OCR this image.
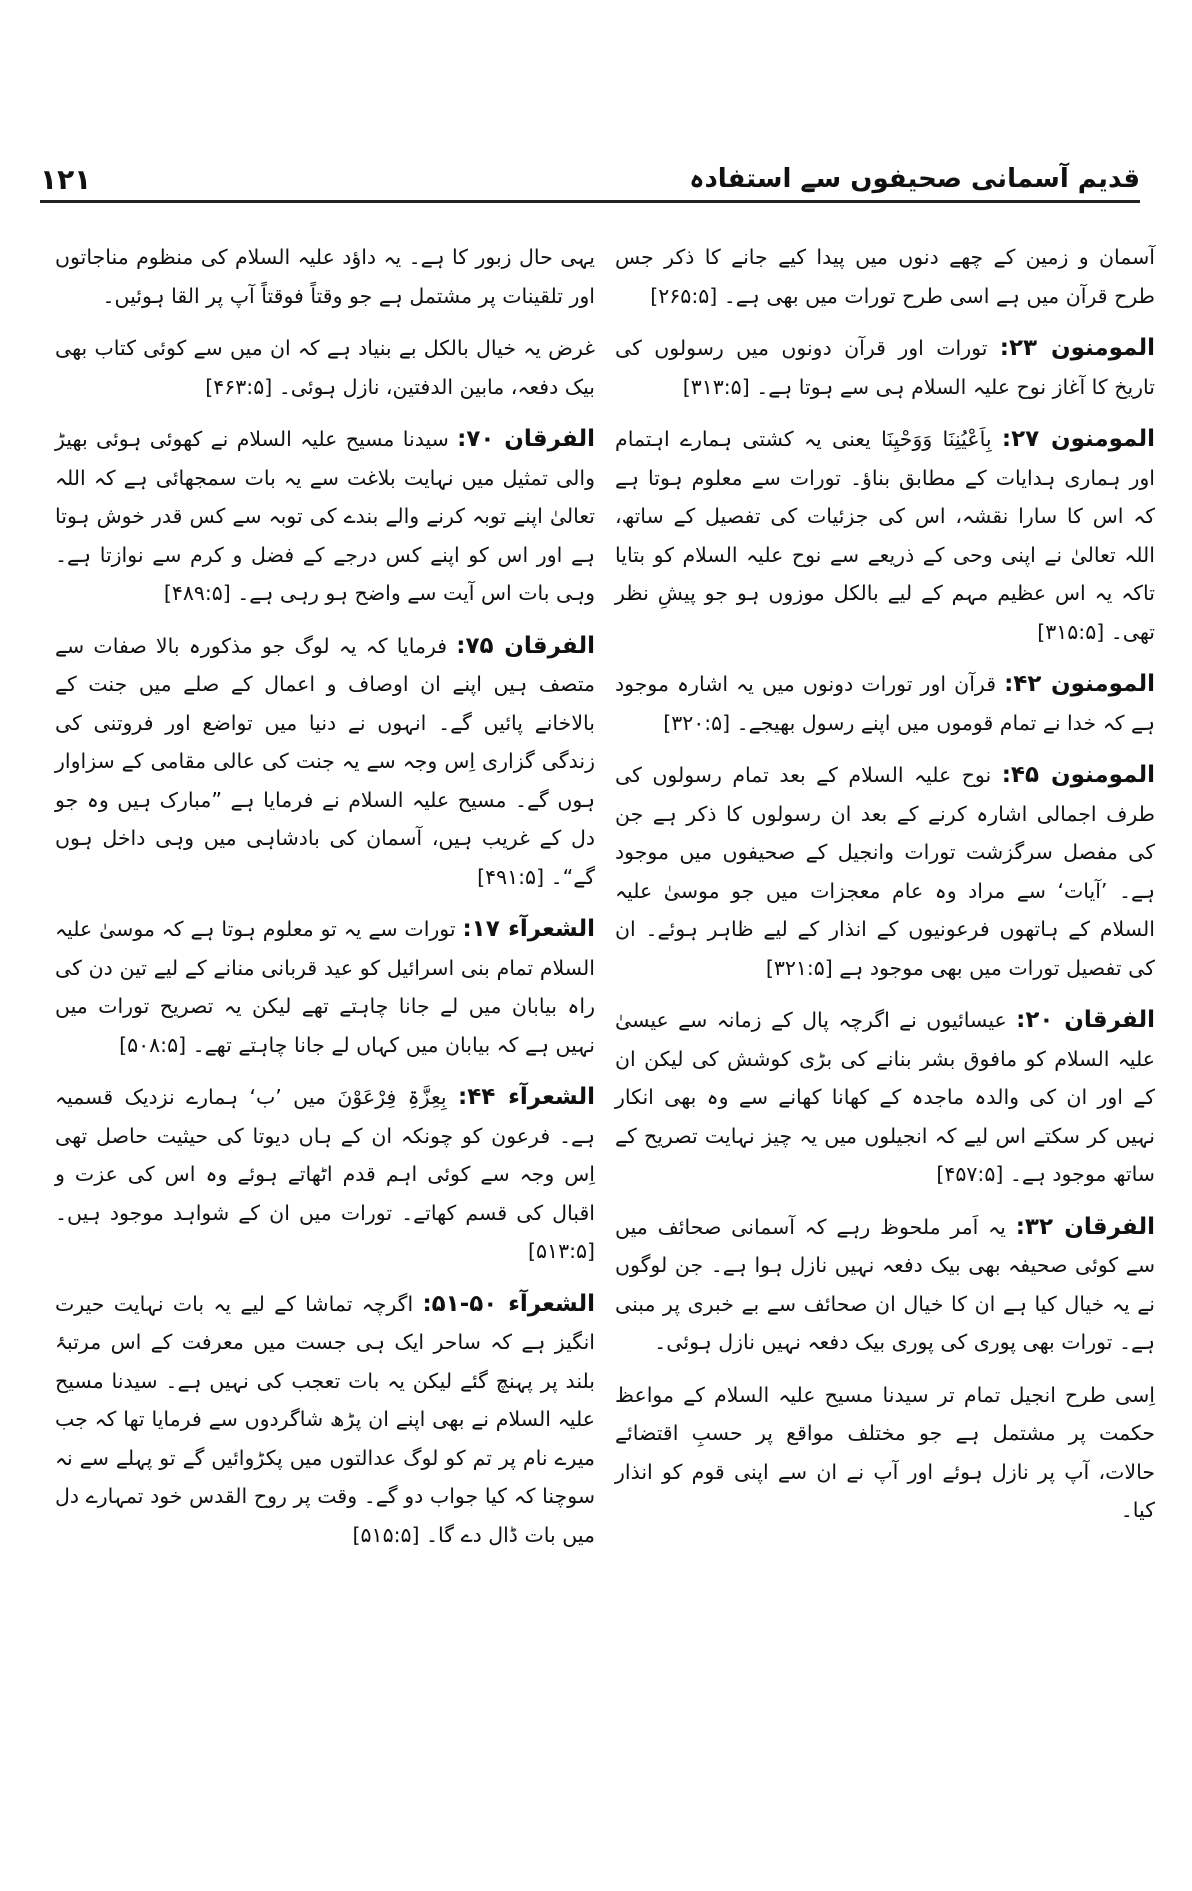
۱۲۱	قدیم آسمانی صحیفوں سے استفادہ

آسمان و زمین کے چھے دنوں میں پیدا کیے جانے کا ذکر جس طرح قرآن میں ہے اسی طرح تورات میں بھی ہے۔ [۲۶۵:۵]

المومنون ۲۳: تورات اور قرآن دونوں میں رسولوں کی تاریخ کا آغاز نوح علیہ السلام ہی سے ہوتا ہے۔ [۳۱۳:۵]

المومنون ۲۷: بِاَعْیُنِنَا وَوَحْیِنَا یعنی یہ کشتی ہمارے اہتمام اور ہماری ہدایات کے مطابق بناؤ۔ تورات سے معلوم ہوتا ہے کہ اس کا سارا نقشہ، اس کی جزئیات کی تفصیل کے ساتھ، اللہ تعالیٰ نے اپنی وحی کے ذریعے سے نوح علیہ السلام کو بتایا تاکہ یہ اس عظیم مہم کے لیے بالکل موزوں ہو جو پیشِ نظر تھی۔ [۳۱۵:۵]

المومنون ۴۲: قرآن اور تورات دونوں میں یہ اشارہ موجود ہے کہ خدا نے تمام قوموں میں اپنے رسول بھیجے۔ [۳۲۰:۵]

المومنون ۴۵: نوح علیہ السلام کے بعد تمام رسولوں کی طرف اجمالی اشارہ کرنے کے بعد ان رسولوں کا ذکر ہے جن کی مفصل سرگزشت تورات وانجیل کے صحیفوں میں موجود ہے۔ ’آیات‘ سے مراد وہ عام معجزات میں جو موسیٰ علیہ السلام کے ہاتھوں فرعونیوں کے انذار کے لیے ظاہر ہوئے۔ ان کی تفصیل تورات میں بھی موجود ہے [۳۲۱:۵]

الفرقان ۲۰: عیسائیوں نے اگرچہ پال کے زمانہ سے عیسیٰ علیہ السلام کو مافوق بشر بنانے کی بڑی کوشش کی لیکن ان کے اور ان کی والدہ ماجدہ کے کھانا کھانے سے وہ بھی انکار نہیں کر سکتے اس لیے کہ انجیلوں میں یہ چیز نہایت تصریح کے ساتھ موجود ہے۔ [۴۵۷:۵]

الفرقان ۳۲: یہ اَمر ملحوظ رہے کہ آسمانی صحائف میں سے کوئی صحیفہ بھی بیک دفعہ نہیں نازل ہوا ہے۔ جن لوگوں نے یہ خیال کیا ہے ان کا خیال ان صحائف سے بے خبری پر مبنی ہے۔ تورات بھی پوری کی پوری بیک دفعہ نہیں نازل ہوئی۔

اِسی طرح انجیل تمام تر سیدنا مسیح علیہ السلام کے مواعظ حکمت پر مشتمل ہے جو مختلف مواقع پر حسبِ اقتضائے حالات، آپ پر نازل ہوئے اور آپ نے ان سے اپنی قوم کو انذار کیا۔

یہی حال زبور کا ہے۔ یہ داؤد علیہ السلام کی منظوم مناجاتوں اور تلقینات پر مشتمل ہے جو وقتاً فوقتاً آپ پر القا ہوئیں۔

غرض یہ خیال بالکل بے بنیاد ہے کہ ان میں سے کوئی کتاب بھی بیک دفعہ، مابین الدفتین، نازل ہوئی۔ [۴۶۳:۵]

الفرقان ۷۰: سیدنا مسیح علیہ السلام نے کھوئی ہوئی بھیڑ والی تمثیل میں نہایت بلاغت سے یہ بات سمجھائی ہے کہ اللہ تعالیٰ اپنے توبہ کرنے والے بندے کی توبہ سے کس قدر خوش ہوتا ہے اور اس کو اپنے کس درجے کے فضل و کرم سے نوازتا ہے۔ وہی بات اس آیت سے واضح ہو رہی ہے۔ [۴۸۹:۵]

الفرقان ۷۵: فرمایا کہ یہ لوگ جو مذکورہ بالا صفات سے متصف ہیں اپنے ان اوصاف و اعمال کے صلے میں جنت کے بالاخانے پائیں گے۔ انہوں نے دنیا میں تواضع اور فروتنی کی زندگی گزاری اِس وجہ سے یہ جنت کی عالی مقامی کے سزاوار ہوں گے۔ مسیح علیہ السلام نے فرمایا ہے ”مبارک ہیں وہ جو دل کے غریب ہیں، آسمان کی بادشاہی میں وہی داخل ہوں گے“۔ [۴۹۱:۵]

الشعرآء ۱۷: تورات سے یہ تو معلوم ہوتا ہے کہ موسیٰ علیہ السلام تمام بنی اسرائیل کو عید قربانی منانے کے لیے تین دن کی راہ بیابان میں لے جانا چاہتے تھے لیکن یہ تصریح تورات میں نہیں ہے کہ بیابان میں کہاں لے جانا چاہتے تھے۔ [۵۰۸:۵]

الشعرآء ۴۴: بِعِزَّۃِ فِرْعَوْنَ میں ’ب‘ ہمارے نزدیک قسمیہ ہے۔ فرعون کو چونکہ ان کے ہاں دیوتا کی حیثیت حاصل تھی اِس وجہ سے کوئی اہم قدم اٹھاتے ہوئے وہ اس کی عزت و اقبال کی قسم کھاتے۔ تورات میں ان کے شواہد موجود ہیں۔ [۵۱۳:۵]

الشعرآء ۵۰-۵۱: اگرچہ تماشا کے لیے یہ بات نہایت حیرت انگیز ہے کہ ساحر ایک ہی جست میں معرفت کے اس مرتبۂ بلند پر پہنچ گئے لیکن یہ بات تعجب کی نہیں ہے۔ سیدنا مسیح علیہ السلام نے بھی اپنے ان پڑھ شاگردوں سے فرمایا تھا کہ جب میرے نام پر تم کو لوگ عدالتوں میں پکڑوائیں گے تو پہلے سے نہ سوچنا کہ کیا جواب دو گے۔ وقت پر روح القدس خود تمہارے دل میں بات ڈال دے گا۔ [۵۱۵:۵]
